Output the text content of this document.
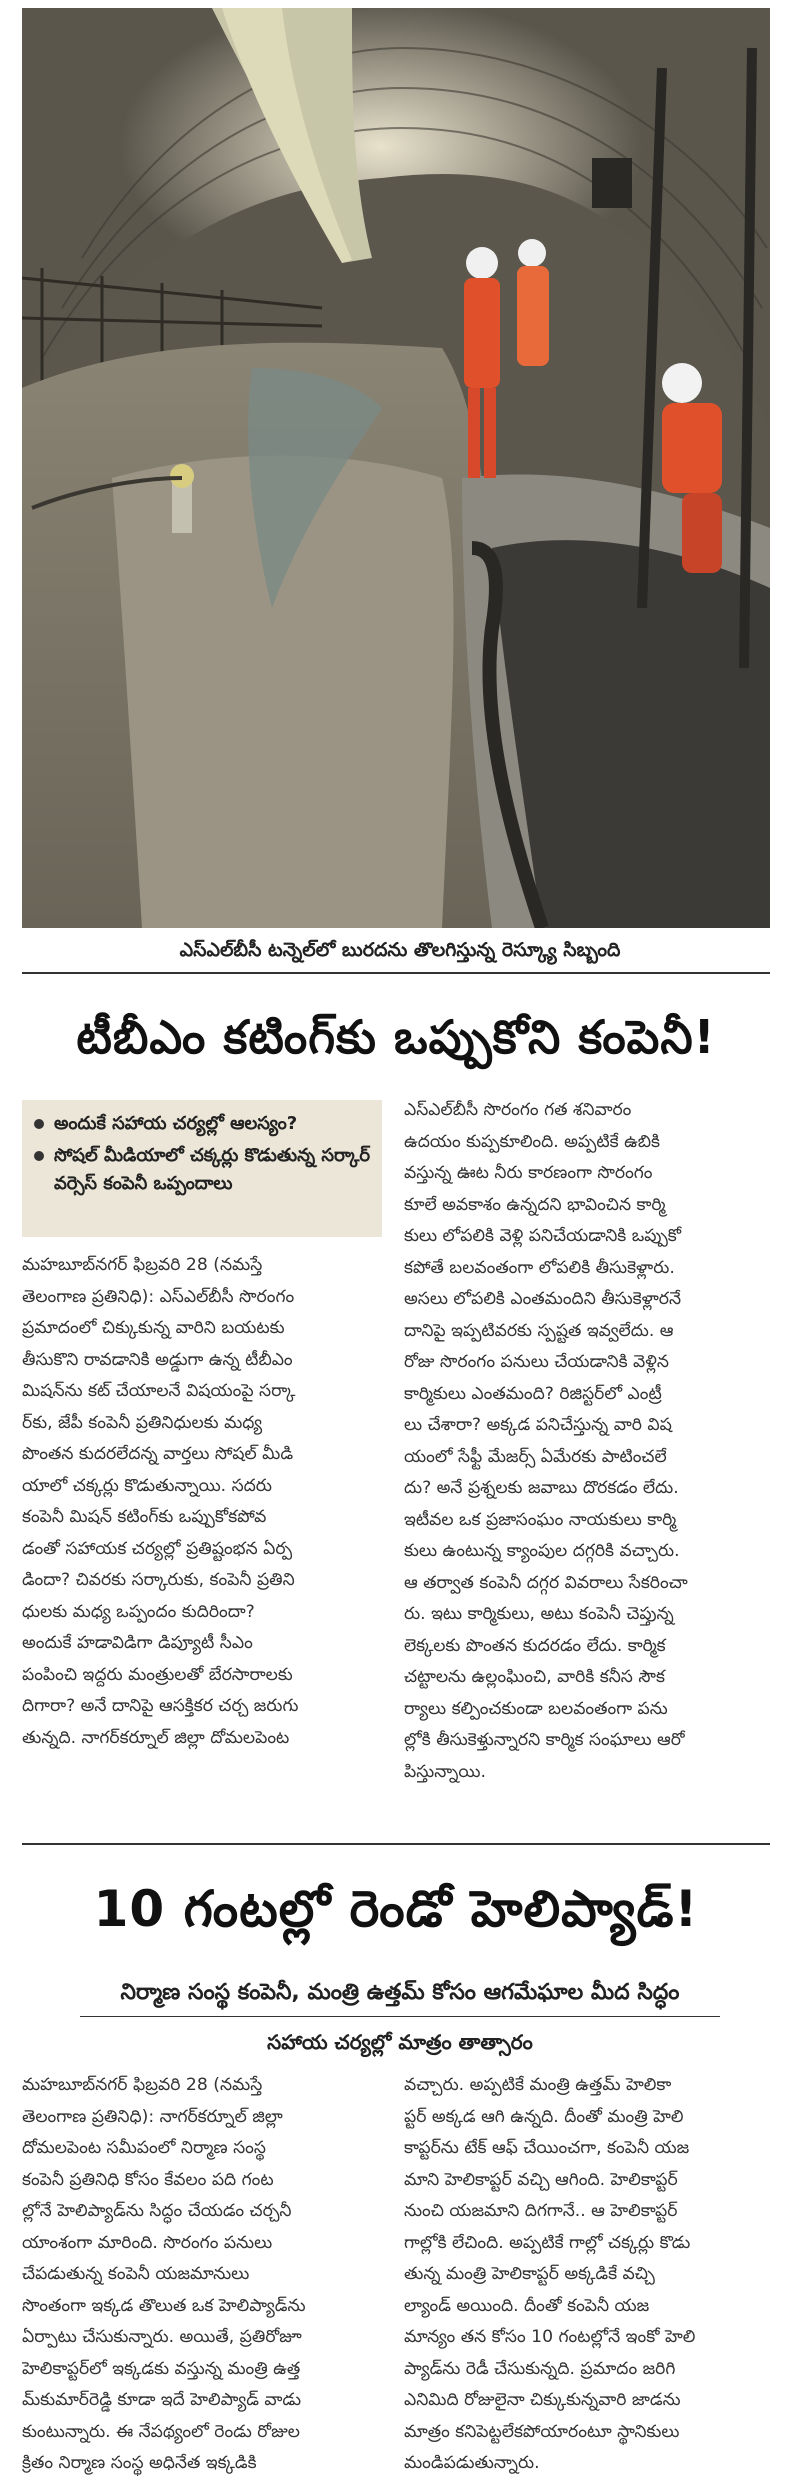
ఎస్ఎల్‌బీసీ టన్నెల్‌లో బురదను తొలగిస్తున్న రెస్క్యూ సిబ్బంది
టీబీఎం కటింగ్‌కు ఒప్పుకోని కంపెనీ!
అందుకే సహాయ చర్యల్లో ఆలస్యం?
సోషల్ మీడియాలో చక్కర్లు కొడుతున్న సర్కార్ వర్సెస్ కంపెనీ ఒప్పందాలు
మహబూబ్‌నగర్ ఫిబ్రవరి 28 (నమస్తే
తెలంగాణ ప్రతినిధి): ఎస్ఎల్‌బీసీ సొరంగం
ప్రమాదంలో చిక్కుకున్న వారిని బయటకు
తీసుకొని రావడానికి అడ్డుగా ఉన్న టీబీఎం
మిషన్‌ను కట్ చేయాలనే విషయంపై సర్కా
ర్‌కు, జేపీ కంపెనీ ప్రతినిధులకు మధ్య
పొంతన కుదరలేదన్న వార్తలు సోషల్ మీడి
యాలో చక్కర్లు కొడుతున్నాయి. సదరు
కంపెనీ మిషన్ కటింగ్‌కు ఒప్పుకోకపోవ
డంతో సహాయక చర్యల్లో ప్రతిష్టంభన ఏర్ప
డిందా? చివరకు సర్కారుకు, కంపెనీ ప్రతిని
ధులకు మధ్య ఒప్పందం కుదిరిందా?
అందుకే హడావిడిగా డిప్యూటీ సీఎం
పంపించి ఇద్దరు మంత్రులతో బేరసారాలకు
దిగారా? అనే దానిపై ఆసక్తికర చర్చ జరుగు
తున్నది. నాగర్‌కర్నూల్ జిల్లా దోమలపెంట
ఎస్ఎల్‌బీసీ సొరంగం గత శనివారం
ఉదయం కుప్పకూలింది. అప్పటికే ఉబికి
వస్తున్న ఊట నీరు కారణంగా సొరంగం
కూలే అవకాశం ఉన్నదని భావించిన కార్మి
కులు లోపలికి వెళ్లి పనిచేయడానికి ఒప్పుకో
కపోతే బలవంతంగా లోపలికి తీసుకెళ్లారు.
అసలు లోపలికి ఎంతమందిని తీసుకెళ్లారనే
దానిపై ఇప్పటివరకు స్పష్టత ఇవ్వలేదు. ఆ
రోజు సొరంగం పనులు చేయడానికి వెళ్లిన
కార్మికులు ఎంతమంది? రిజిస్టర్‌లో ఎంట్రీ
లు చేశారా? అక్కడ పనిచేస్తున్న వారి విష
యంలో సేఫ్టీ మేజర్స్ ఏమేరకు పాటించలే
దు? అనే ప్రశ్నలకు జవాబు దొరకడం లేదు.
ఇటీవల ఒక ప్రజాసంఘం నాయకులు కార్మి
కులు ఉంటున్న క్యాంపుల దగ్గరికి వచ్చారు.
ఆ తర్వాత కంపెనీ దగ్గర వివరాలు సేకరించా
రు. ఇటు కార్మికులు, అటు కంపెనీ చెప్తున్న
లెక్కలకు పొంతన కుదరడం లేదు. కార్మిక
చట్టాలను ఉల్లంఘించి, వారికి కనీస సౌక
ర్యాలు కల్పించకుండా బలవంతంగా పను
ల్లోకి తీసుకెళ్తున్నారని కార్మిక సంఘాలు ఆరో
పిస్తున్నాయి.
10 గంటల్లో రెండో హెలిప్యాడ్!
నిర్మాణ సంస్థ కంపెనీ, మంత్రి ఉత్తమ్ కోసం ఆగమేఘాల మీద సిద్ధం
సహాయ చర్యల్లో మాత్రం తాత్సారం
మహబూబ్‌నగర్ ఫిబ్రవరి 28 (నమస్తే
తెలంగాణ ప్రతినిధి): నాగర్‌కర్నూల్ జిల్లా
దోమలపెంట సమీపంలో నిర్మాణ సంస్థ
కంపెనీ ప్రతినిధి కోసం కేవలం పది గంట
ల్లోనే హెలిప్యాడ్‌ను సిద్ధం చేయడం చర్చనీ
యాంశంగా మారింది. సొరంగం పనులు
చేపడుతున్న కంపెనీ యజమానులు
సొంతంగా ఇక్కడ తొలుత ఒక హెలిప్యాడ్‌ను
ఏర్పాటు చేసుకున్నారు. అయితే, ప్రతిరోజూ
హెలికాప్టర్‌లో ఇక్కడకు వస్తున్న మంత్రి ఉత్త
మ్‌కుమార్‌రెడ్డి కూడా ఇదే హెలిప్యాడ్ వాడు
కుంటున్నారు. ఈ నేపథ్యంలో రెండు రోజుల
క్రితం నిర్మాణ సంస్థ అధినేత ఇక్కడికి
వచ్చారు. అప్పటికే మంత్రి ఉత్తమ్ హెలికా
ప్టర్ అక్కడ ఆగి ఉన్నది. దీంతో మంత్రి హెలి
కాప్టర్‌ను టేక్ ఆఫ్ చేయించగా, కంపెనీ యజ
మాని హెలికాప్టర్ వచ్చి ఆగింది. హెలికాప్టర్
నుంచి యజమాని దిగగానే.. ఆ హెలికాప్టర్
గాల్లోకి లేచింది. అప్పటికే గాల్లో చక్కర్లు కొడు
తున్న మంత్రి హెలికాప్టర్ అక్కడికే వచ్చి
ల్యాండ్ అయింది. దీంతో కంపెనీ యజ
మాన్యం తన కోసం 10 గంటల్లోనే ఇంకో హెలి
ప్యాడ్‌ను రెడీ చేసుకున్నది. ప్రమాదం జరిగి
ఎనిమిది రోజులైనా చిక్కుకున్నవారి జాడను
మాత్రం కనిపెట్టలేకపోయారంటూ స్థానికులు
మండిపడుతున్నారు.
